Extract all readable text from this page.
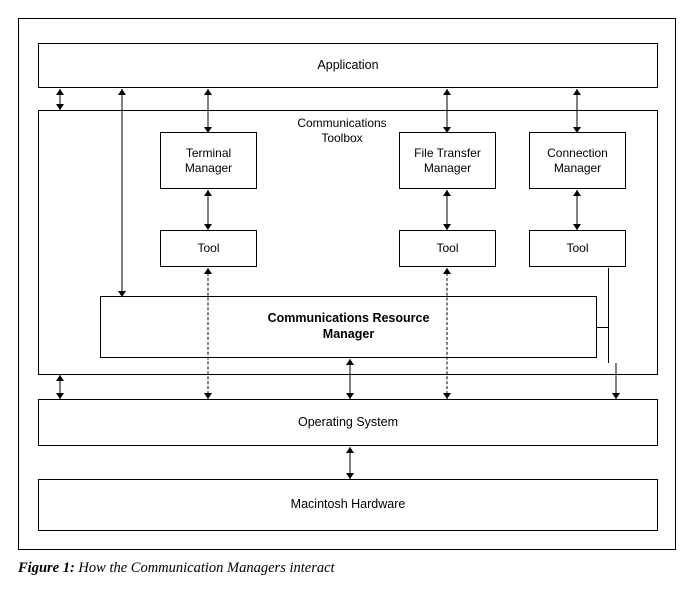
Application
Communications
Toolbox
Terminal
Manager
File Transfer
Manager
Connection
Manager
Tool	Tool	Tool
Communications Resource
Manager
Operating System
Macintosh Hardware
Figure 1: How the Communication Managers interact
